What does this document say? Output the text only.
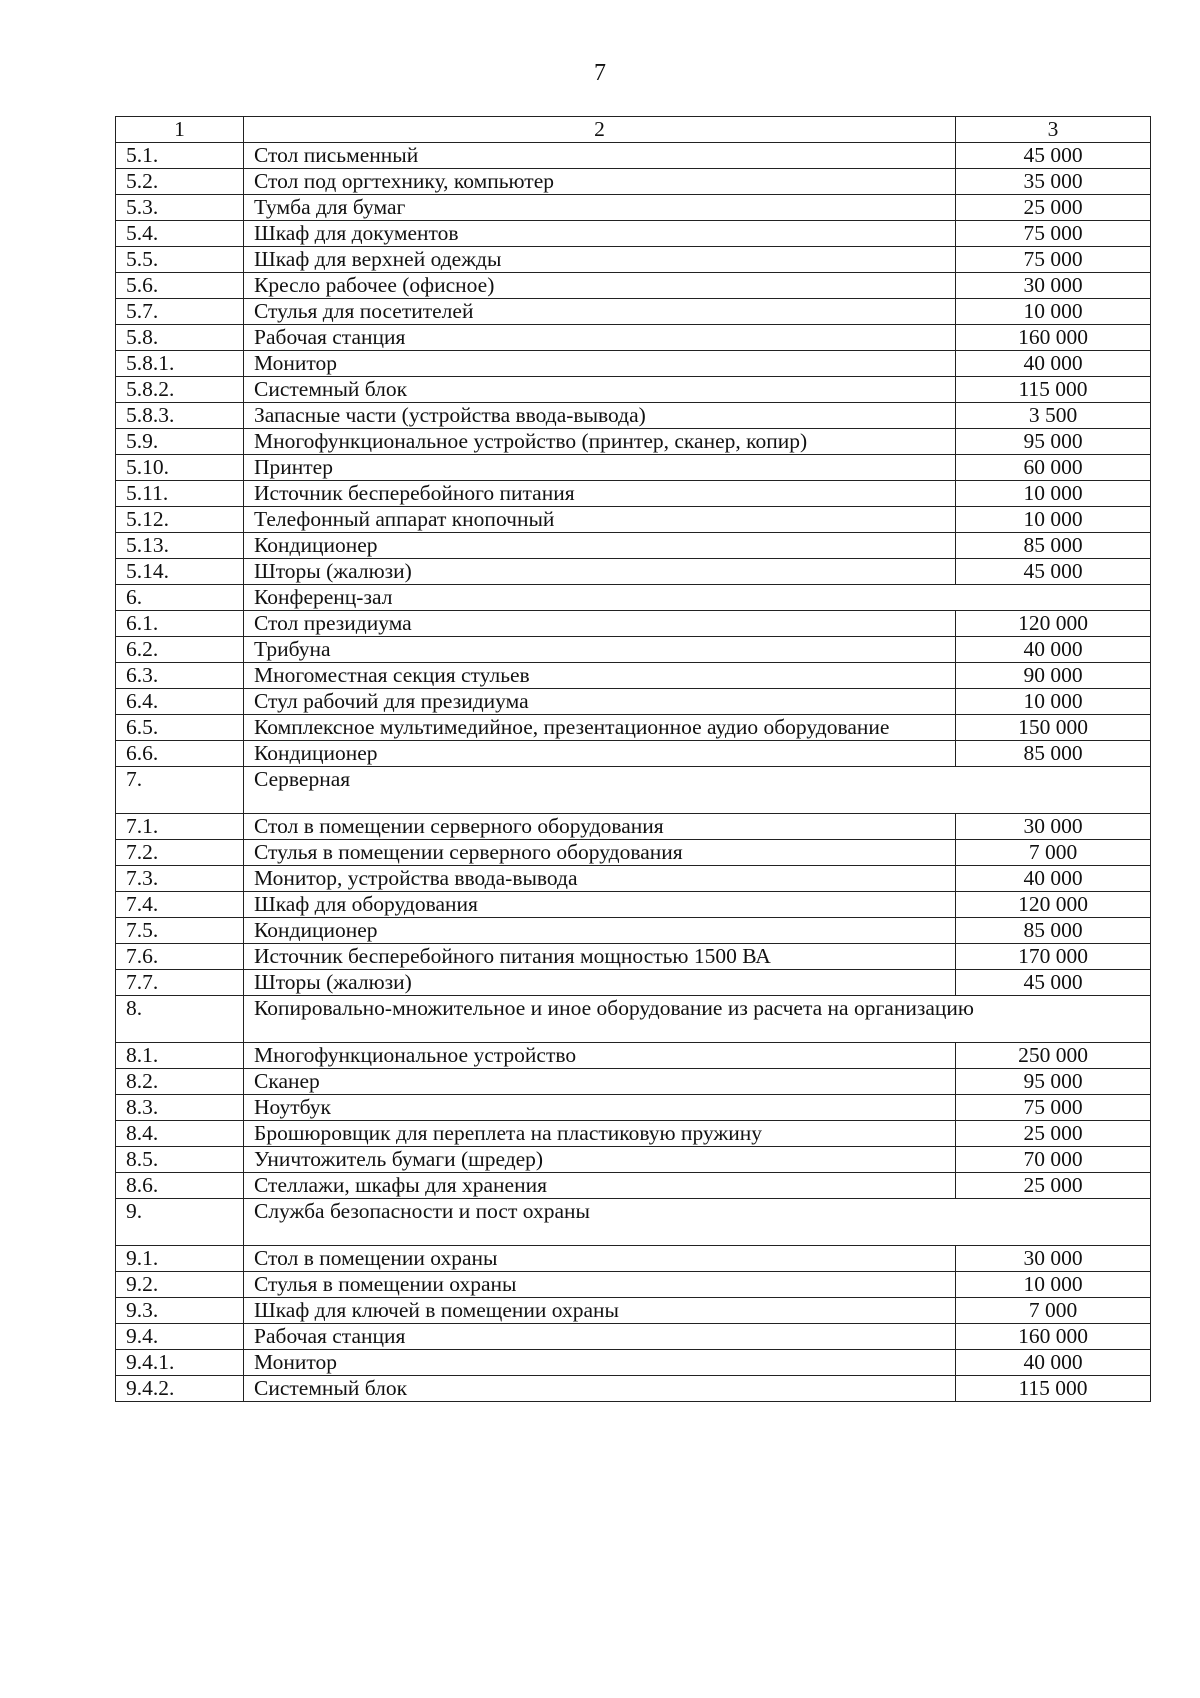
7
1	2	3
5.1.	Стол письменный	45 000
5.2.	Стол под оргтехнику, компьютер	35 000
5.3.	Тумба для бумаг	25 000
5.4.	Шкаф для документов	75 000
5.5.	Шкаф для верхней одежды	75 000
5.6.	Кресло рабочее (офисное)	30 000
5.7.	Стулья для посетителей	10 000
5.8.	Рабочая станция	160 000
5.8.1.	Монитор	40 000
5.8.2.	Системный блок	115 000
5.8.3.	Запасные части (устройства ввода-вывода)	3 500
5.9.	Многофункциональное устройство (принтер, сканер, копир)	95 000
5.10.	Принтер	60 000
5.11.	Источник бесперебойного питания	10 000
5.12.	Телефонный аппарат кнопочный	10 000
5.13.	Кондиционер	85 000
5.14.	Шторы (жалюзи)	45 000
6.	Конференц-зал	
6.1.	Стол президиума	120 000
6.2.	Трибуна	40 000
6.3.	Многоместная секция стульев	90 000
6.4.	Стул рабочий для президиума	10 000
6.5.	Комплексное мультимедийное, презентационное аудио оборудование	150 000
6.6.	Кондиционер	85 000
7.	Серверная	
7.1.	Стол в помещении серверного оборудования	30 000
7.2.	Стулья в помещении серверного оборудования	7 000
7.3.	Монитор, устройства ввода-вывода	40 000
7.4.	Шкаф для оборудования	120 000
7.5.	Кондиционер	85 000
7.6.	Источник бесперебойного питания мощностью 1500 ВА	170 000
7.7.	Шторы (жалюзи)	45 000
8.	Копировально-множительное и иное оборудование из расчета на организацию	
8.1.	Многофункциональное устройство	250 000
8.2.	Сканер	95 000
8.3.	Ноутбук	75 000
8.4.	Брошюровщик для переплета на пластиковую пружину	25 000
8.5.	Уничтожитель бумаги (шредер)	70 000
8.6.	Стеллажи, шкафы для хранения	25 000
9.	Служба безопасности и пост охраны	
9.1.	Стол в помещении охраны	30 000
9.2.	Стулья в помещении охраны	10 000
9.3.	Шкаф для ключей в помещении охраны	7 000
9.4.	Рабочая станция	160 000
9.4.1.	Монитор	40 000
9.4.2.	Системный блок	115 000
